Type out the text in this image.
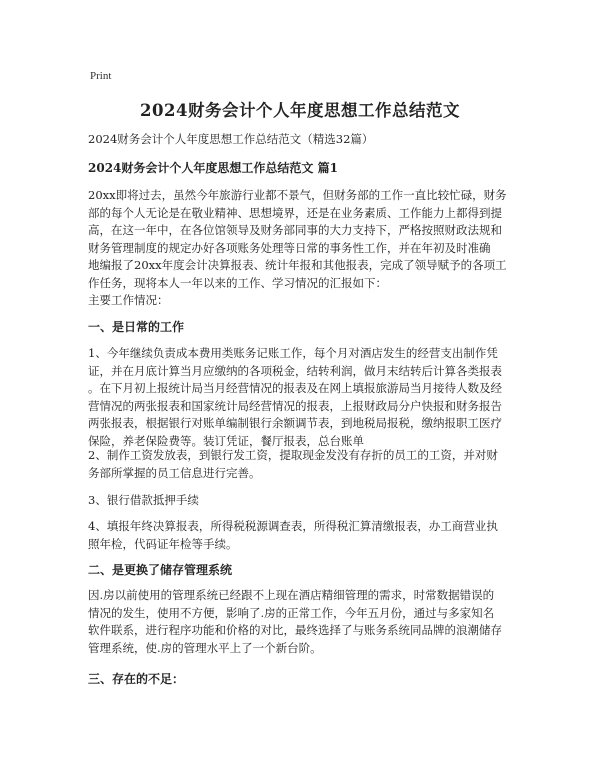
Print
2024财务会计个人年度思想工作总结范文
2024财务会计个人年度思想工作总结范文（精选32篇）
2024财务会计个人年度思想工作总结范文 篇1

20xx即将过去，虽然今年旅游行业都不景气，但财务部的工作一直比较忙碌，财务
部的每个人无论是在敬业精神、思想境界，还是在业务素质、工作能力上都得到提
高，在这一年中，在各位馆领导及财务部同事的大力支持下，严格按照财政法规和
财务管理制度的规定办好各项账务处理等日常的事务性工作，并在年初及时准确
地编报了20xx年度会计决算报表、统计年报和其他报表，完成了领导赋予的各项工
作任务，现将本人一年以来的工作、学习情况的汇报如下：

主要工作情况：
一、是日常的工作

1、今年继续负责成本费用类账务记账工作，每个月对酒店发生的经营支出制作凭
证，并在月底计算当月应缴纳的各项税金，结转利润，做月末结转后计算各类报表
。在下月初上报统计局当月经营情况的报表及在网上填报旅游局当月接待人数及经
营情况的两张报表和国家统计局经营情况的报表，上报财政局分户快报和财务报告
两张报表，根据银行对账单编制银行余额调节表，到地税局报税，缴纳报职工医疗
保险，养老保险费等。装订凭证，餐厅报表，总台账单

2、制作工资发放表，到银行发工资，提取现金发没有存折的员工的工资，并对财
务部所掌握的员工信息进行完善。

3、银行借款抵押手续

4、填报年终决算报表，所得税税源调查表，所得税汇算清缴报表，办工商营业执
照年检，代码证年检等手续。

二、是更换了储存管理系统

因.房以前使用的管理系统已经跟不上现在酒店精细管理的需求，时常数据错误的
情况的发生，使用不方便，影响了.房的正常工作，今年五月份，通过与多家知名
软件联系，进行程序功能和价格的对比，最终选择了与账务系统同品牌的浪潮储存
管理系统，使.房的管理水平上了一个新台阶。

三、存在的不足：
